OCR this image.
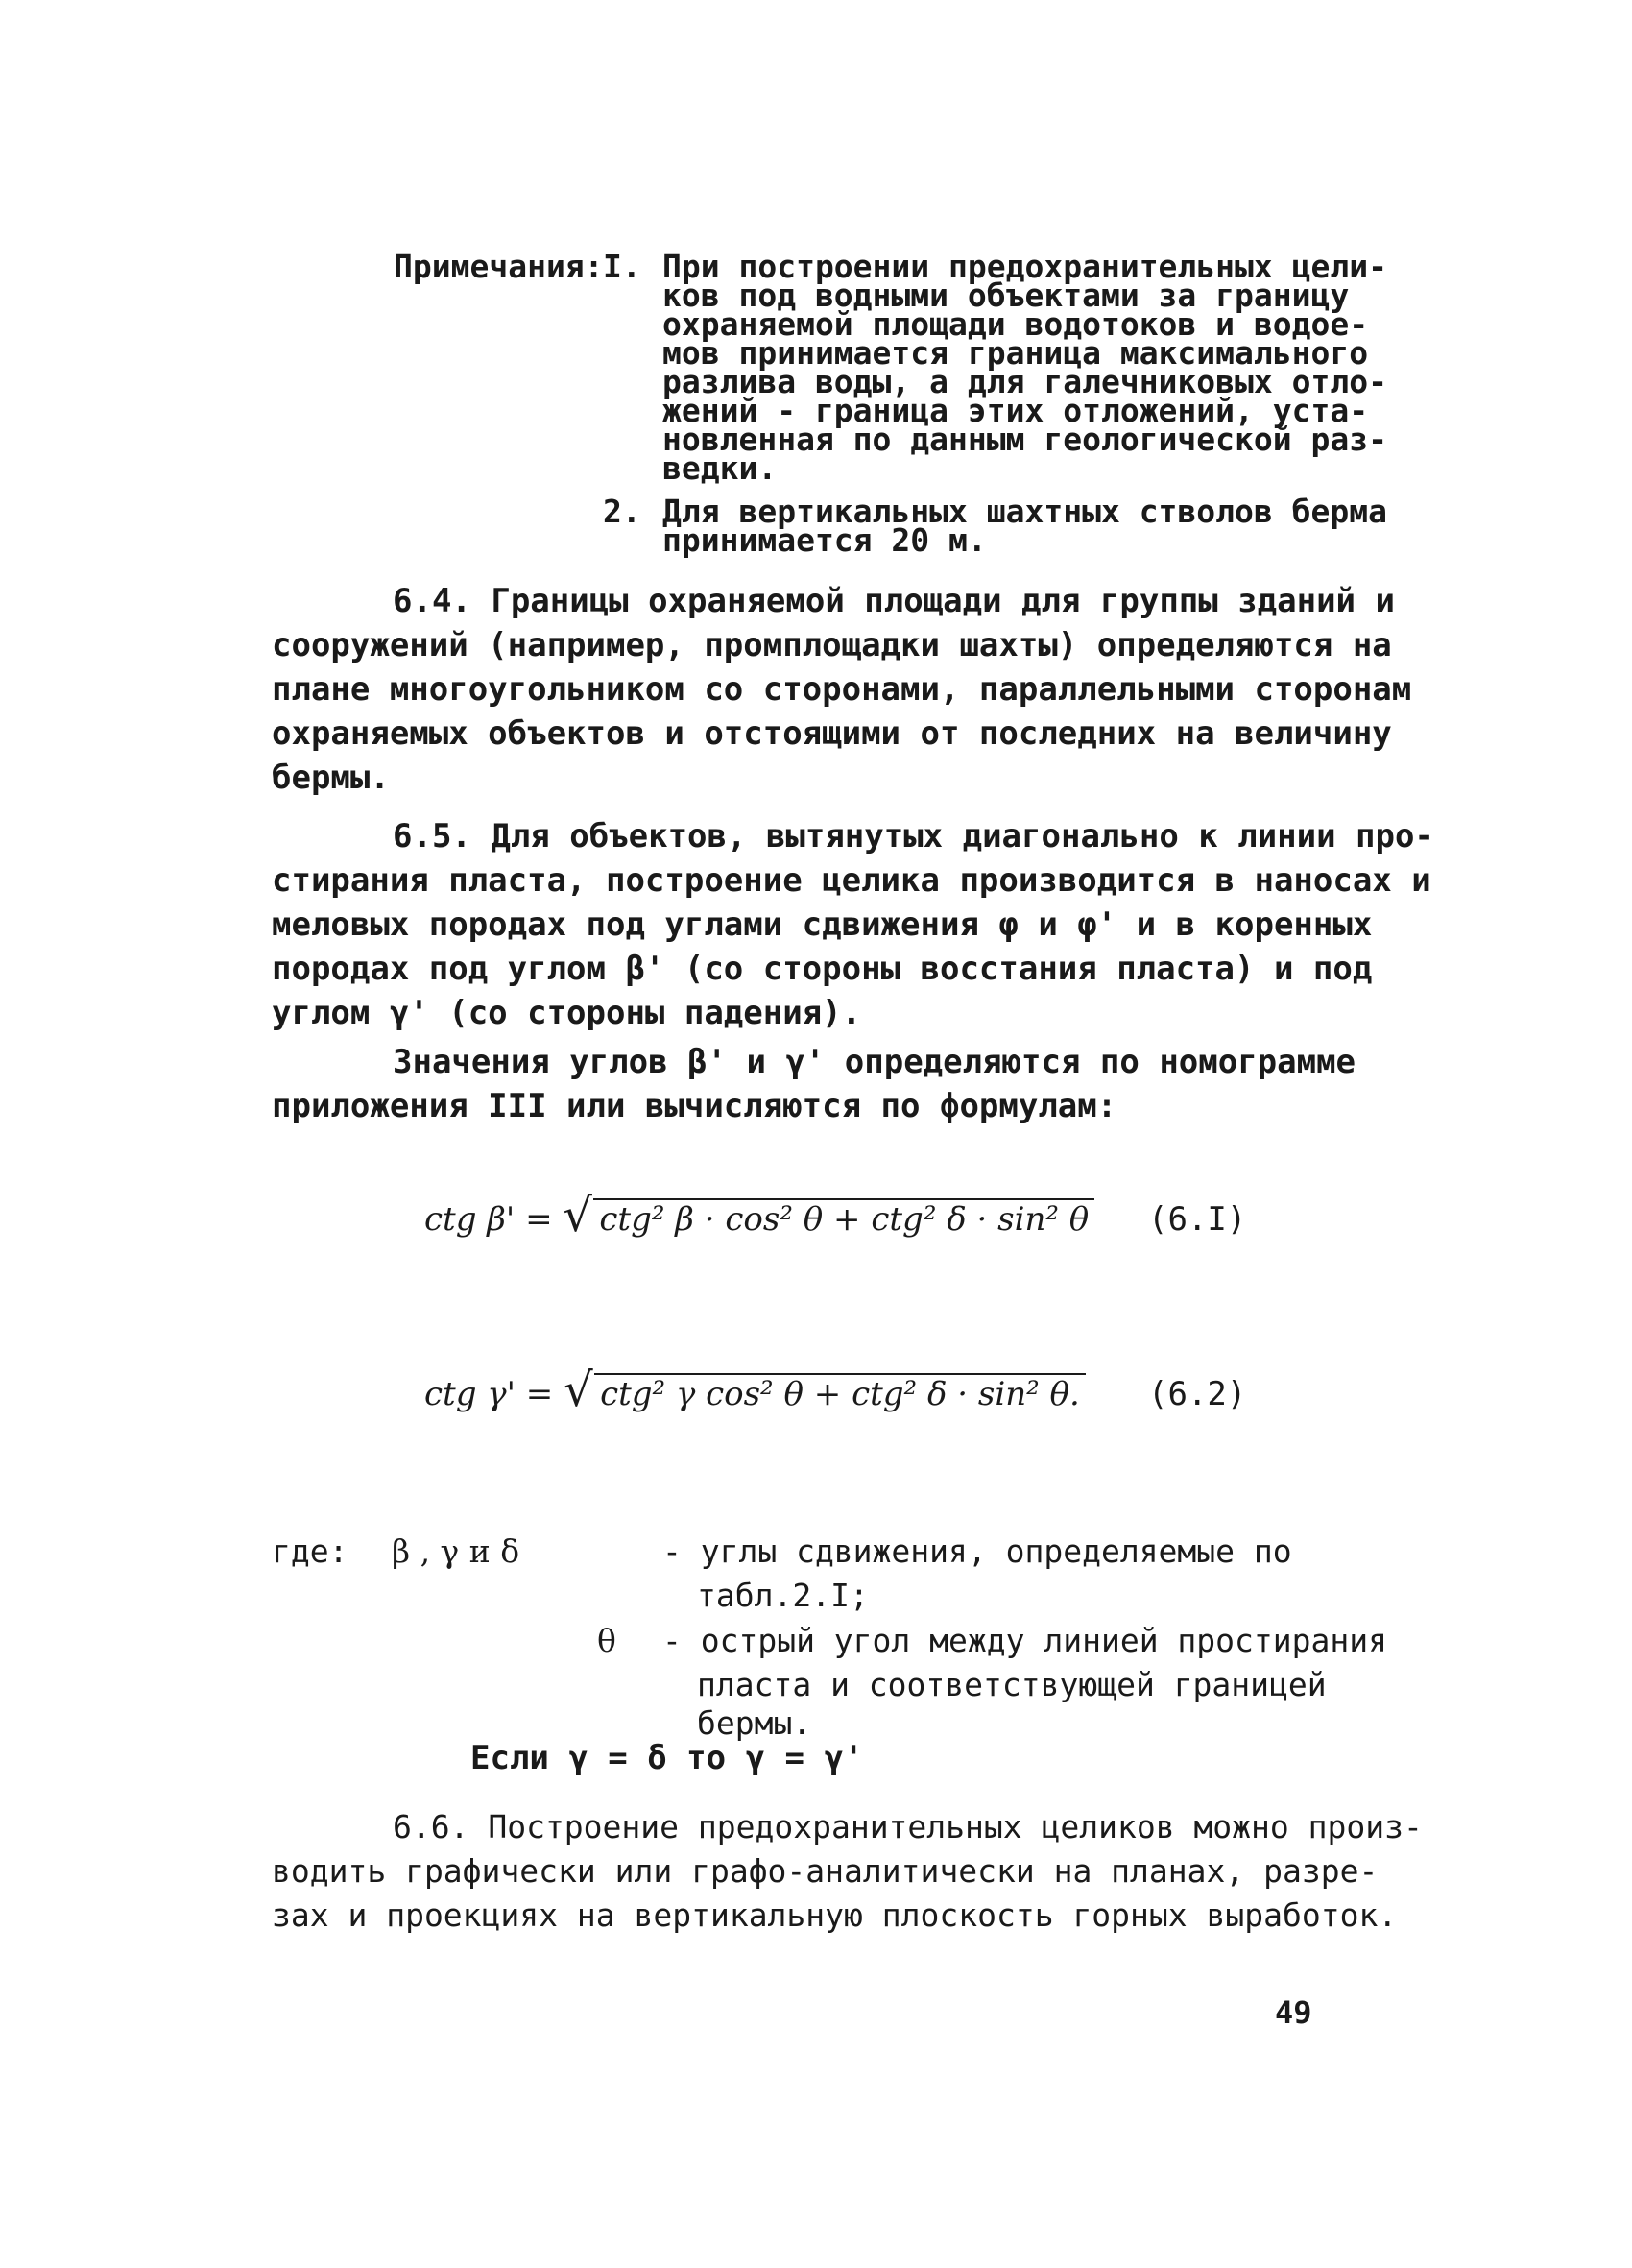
Примечания: I. При построении предохранительных цели-
ков под водными объектами за границу
охраняемой площади водотоков и водое-
мов принимается граница максимального
разлива воды, а для галечниковых отло-
жений - граница этих отложений, уста-
новленная по данным геологической раз-
ведки.
2. Для вертикальных шахтных стволов берма
принимается 20 м.
6.4. Границы охраняемой площади для группы зданий и
сооружений (например, промплощадки шахты) определяются на
плане многоугольником со сторонами, параллельными сторонам
охраняемых объектов и отстоящими от последних на величину
бермы.
6.5. Для объектов, вытянутых диагонально к линии про-
стирания пласта, построение целика производится в наносах и
меловых породах под углами сдвижения φ и φ' и в коренных
породах под углом β' (со стороны восстания пласта) и под
углом γ' (со стороны падения).
Значения углов β' и γ' определяются по номограмме
приложения III или вычисляются по формулам:
ctg β' = √ ctg² β · cos² θ + ctg² δ · sin² θ (6.I)
ctg γ' = √ ctg² γ cos² θ + ctg² δ · sin² θ. (6.2)
где: β , γ и δ	- углы сдвижения, определяемые по
табл.2.I;
θ - острый угол между линией простирания
пласта и соответствующей границей
бермы.
Если γ = δ то γ = γ'
6.6. Построение предохранительных целиков можно произ-
водить графически или графо-аналитически на планах, разре-
зах и проекциях на вертикальную плоскость горных выработок.
49
